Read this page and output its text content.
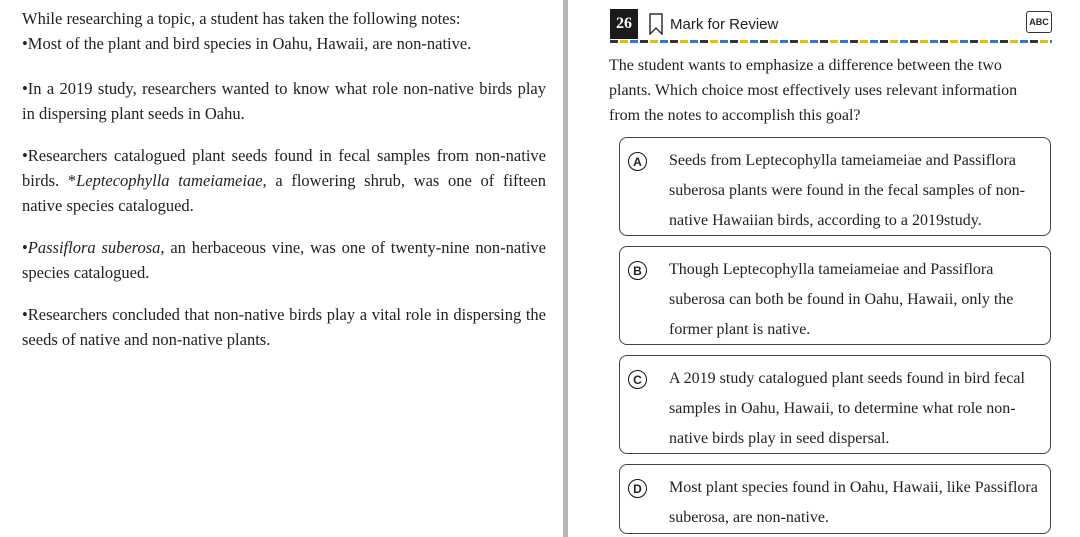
While researching a topic, a student has taken the following notes:

•Most of the plant and bird species in Oahu, Hawaii, are non-native.

•In a 2019 study, researchers wanted to know what role non-native birds play in dispersing plant seeds in Oahu.

•Researchers catalogued plant seeds found in fecal samples from non-native birds. *Leptecophylla tameiameiae, a flowering shrub, was one of fifteen native species catalogued.

•Passiflora suberosa, an herbaceous vine, was one of twenty-nine non-native species catalogued.

•Researchers concluded that non-native birds play a vital role in dispersing the seeds of native and non-native plants.

26	Mark for Review	ABC
The student wants to emphasize a difference between the two plants. Which choice most effectively uses relevant information from the notes to accomplish this goal?
A	Seeds from Leptecophylla tameiameiae and Passiflora suberosa plants were found in the fecal samples of non-native Hawaiian birds, according to a 2019study.
B	Though Leptecophylla tameiameiae and Passiflora suberosa can both be found in Oahu, Hawaii, only the former plant is native.
C	A 2019 study catalogued plant seeds found in bird fecal samples in Oahu, Hawaii, to determine what role non-native birds play in seed dispersal.
D	Most plant species found in Oahu, Hawaii, like Passiflora suberosa, are non-native.
